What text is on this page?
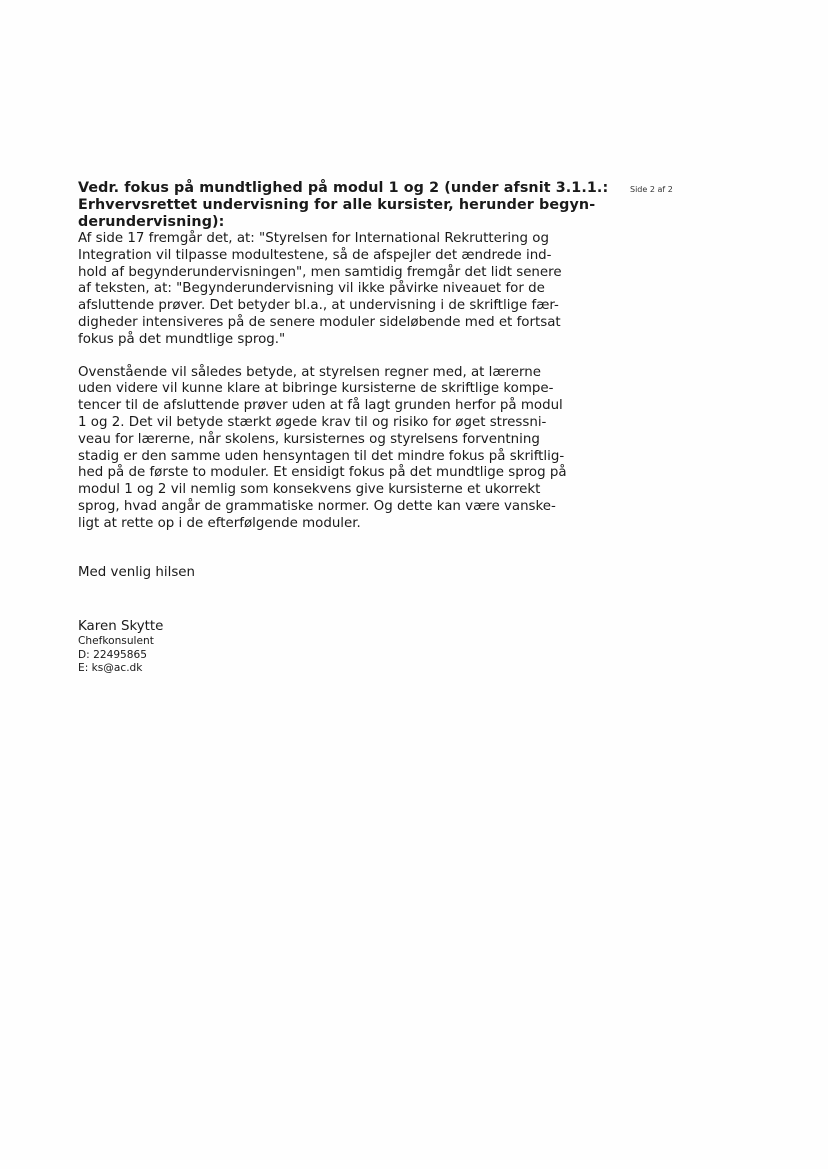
Side 2 af 2
Vedr. fokus på mundtlighed på modul 1 og 2 (under afsnit 3.1.1.:
Erhvervsrettet undervisning for alle kursister, herunder begyn-
derundervisning):

Af side 17 fremgår det, at: "Styrelsen for International Rekruttering og
Integration vil tilpasse modultestene, så de afspejler det ændrede ind-
hold af begynderundervisningen", men samtidig fremgår det lidt senere
af teksten, at: "Begynderundervisning vil ikke påvirke niveauet for de
afsluttende prøver. Det betyder bl.a., at undervisning i de skriftlige fær-
digheder intensiveres på de senere moduler sideløbende med et fortsat
fokus på det mundtlige sprog."

Ovenstående vil således betyde, at styrelsen regner med, at lærerne
uden videre vil kunne klare at bibringe kursisterne de skriftlige kompe-
tencer til de afsluttende prøver uden at få lagt grunden herfor på modul
1 og 2. Det vil betyde stærkt øgede krav til og risiko for øget stressni-
veau for lærerne, når skolens, kursisternes og styrelsens forventning
stadig er den samme uden hensyntagen til det mindre fokus på skriftlig-
hed på de første to moduler. Et ensidigt fokus på det mundtlige sprog på
modul 1 og 2 vil nemlig som konsekvens give kursisterne et ukorrekt
sprog, hvad angår de grammatiske normer. Og dette kan være vanske-
ligt at rette op i de efterfølgende moduler.

Med venlig hilsen

Karen Skytte
Chefkonsulent
D: 22495865
E: ks@ac.dk
